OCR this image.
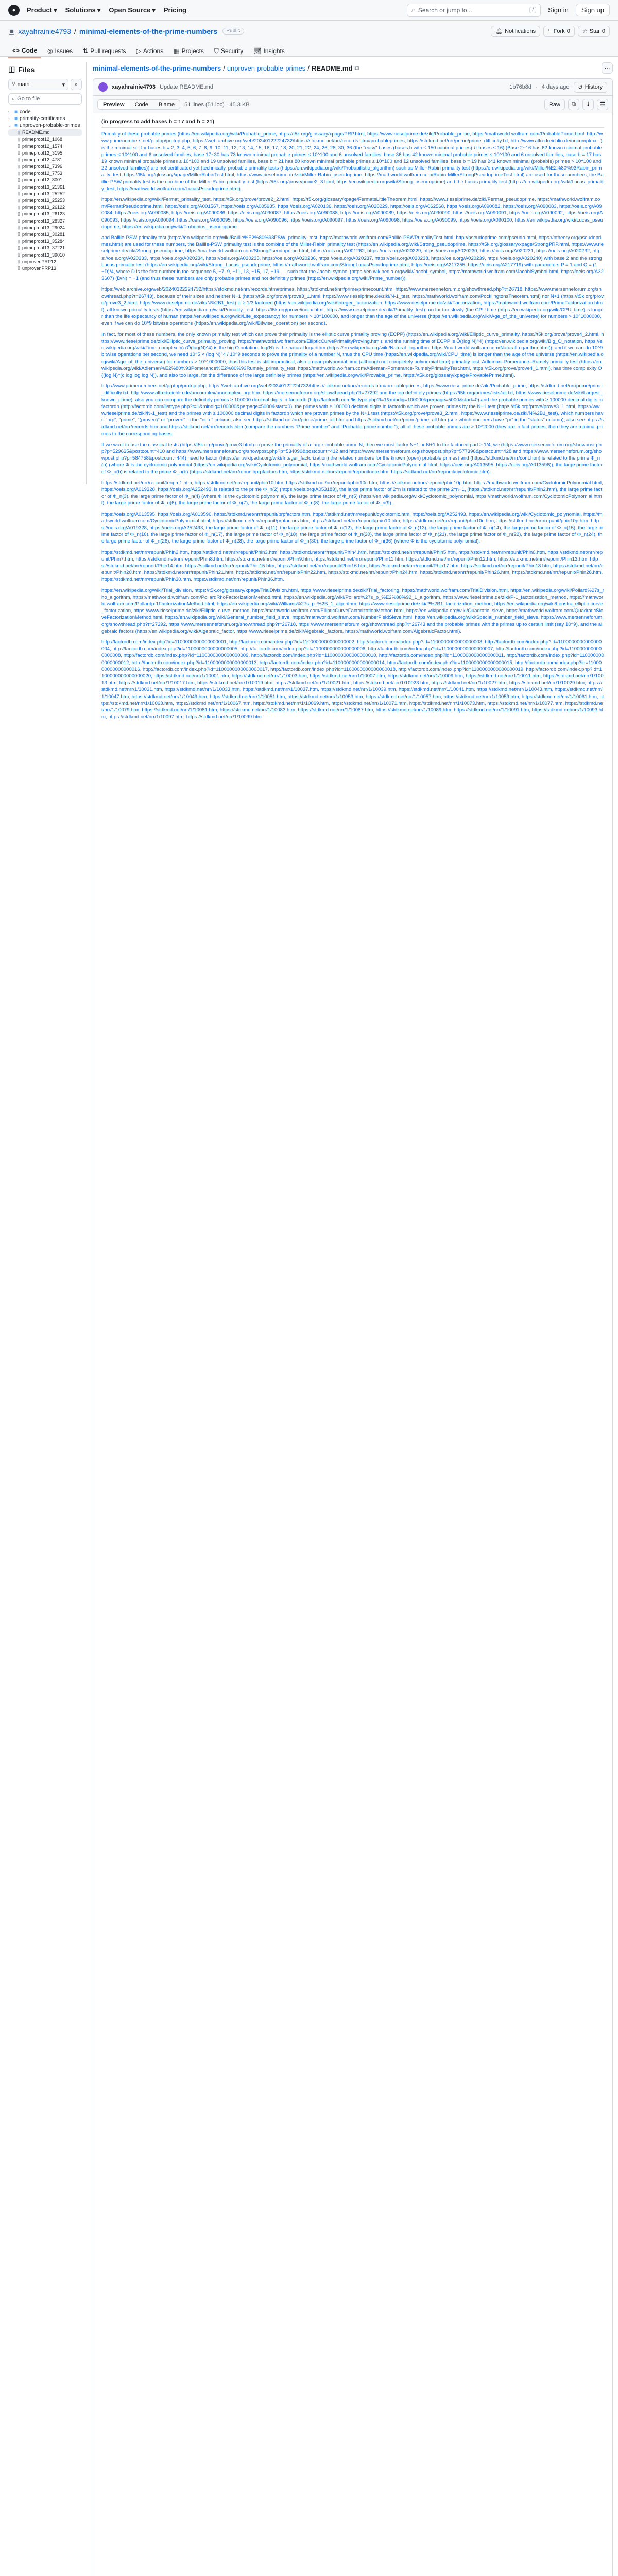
●	Product ▾ Solutions ▾ Open Source ▾ Pricing	⌕ Search or jump to...	/	Sign in	Sign up
▣ xayahrainie4793 / minimal-elements-of-the-prime-numbers	Public	🔔︎ Notifications ⑂ Fork 0 ☆ Star 0
<> Code ◎ Issues ⇅ Pull requests ▷ Actions ▦ Projects ⛉ Security 📈︎ Insights
◫ Files
⑂ main	▾ ⌕
⌕ Go to file
› ■ code
› ■ primality-certificates
⌄ ■ unproven-probable-primes
▯ README.md
▯ primeproof12_1068
▯ primeproof12_1574
▯ primeproof12_3195
▯ primeproof12_4781
▯ primeproof12_7396
▯ primeproof12_7753
▯ primeproof12_8001
▯ primeproof13_21361
▯ primeproof13_25252
▯ primeproof13_25253
▯ primeproof13_26122
▯ primeproof13_26123
▯ primeproof13_28327
▯ primeproof13_29024
▯ primeproof13_30281
▯ primeproof13_35284
▯ primeproof13_37221
▯ primeproof13_39010
▯ unprovenPRP12
▯ unprovenPRP13
minimal-elements-of-the-prime-numbers / unproven-probable-primes / README.md ⧉	⋯
xayahrainie4793 Update README.md	1b76b8d · 4 days ago ↺ History
Preview	Code	Blame	51 lines (51 loc) · 45.3 KB	Raw	⧉ ⭳ ☰
(in progress to add bases b = 17 and b = 21)

Primality of these probable primes (https://en.wikipedia.org/wiki/Probable_prime, https://t5k.org/glossary/xpage/PRP.html, https://www.rieselprime.de/ziki/Probable_prime, https://mathworld.wolfram.com/ProbablePrime.html, http://www.primenumbers.net/prptop/prptop.php, https://web.archive.org/web/20240122224732/https://stdkmd.net/nrr/records.htm#probableprimes, https://stdkmd.net/nrr/prime/prime_difficulty.txt, http://www.alfredreichlin.de/uncomplex/...) is the minimal set for bases b = 2, 3, 4, 5, 6, 7, 8, 9, 10, 11, 12, 13, 14, 15, 16, 17, 18, 20, 21, 22, 24, 26, 28, 30, 36 (the "easy" bases (bases b with ≤ 150 minimal primes) ∪ bases ≤ 16) (Base 2~16 has 62 known minimal probable primes ≤ 10^100 and 6 unsolved families, base 17~30 has 73 known minimal probable primes ≤ 10^100 and 6 unsolved families, base 36 has 42 known minimal probable primes ≤ 10^100 and 6 unsolved families, base b = 17 has 19 known minimal probable primes ≤ 10^100 and 19 unsolved families, base b = 21 has 80 known minimal probable primes ≤ 10^100 and 12 unsolved families, base b = 19 has 241 known minimal (probable) primes > 10^100 and 22 unsolved families)) are not certificated yet (technically, probable primality tests (https://en.wikipedia.org/wiki/Probabilistic_algorithm) such as Miller-Rabin primality test (https://en.wikipedia.org/wiki/Miller%E2%80%93Rabin_primality_test, https://t5k.org/glossary/xpage/MillerRabinTest.html, https://www.rieselprime.de/ziki/Miller-Rabin_pseudoprime, https://mathworld.wolfram.com/Rabin-MillerStrongPseudoprimeTest.html) are used for these numbers, the Baillie-PSW primality test is the combine of the Miller-Rabin primality test (https://t5k.org/prove/prove2_3.html, https://en.wikipedia.org/wiki/Strong_pseudoprime) and the Lucas primality test (https://en.wikipedia.org/wiki/Lucas_primality_test, https://mathworld.wolfram.com/LucasPseudoprime.html).

https://en.wikipedia.org/wiki/Fermat_primality_test, https://t5k.org/prove/prove2_2.html, https://t5k.org/glossary/xpage/FermatsLittleTheorem.html, https://www.rieselprime.de/ziki/Fermat_pseudoprime, https://mathworld.wolfram.com/FermatPseudoprime.html, https://oeis.org/A001567, https://oeis.org/A005935, https://oeis.org/A020136, https://oeis.org/A020229, https://oeis.org/A062568, https://oeis.org/A090082, https://oeis.org/A090083, https://oeis.org/A090084, https://oeis.org/A090085, https://oeis.org/A090086, https://oeis.org/A090087, https://oeis.org/A090088, https://oeis.org/A090089, https://oeis.org/A090090, https://oeis.org/A090091, https://oeis.org/A090092, https://oeis.org/A090093, https://oeis.org/A090094, https://oeis.org/A090095, https://oeis.org/A090096, https://oeis.org/A090097, https://oeis.org/A090098, https://oeis.org/A090099, https://oeis.org/A090100, https://en.wikipedia.org/wiki/Lucas_pseudoprime, https://en.wikipedia.org/wiki/Frobenius_pseudoprime.

and Baillie-PSW primality test (https://en.wikipedia.org/wiki/Baillie%E2%80%93PSW_primality_test, https://mathworld.wolfram.com/Baillie-PSWPrimalityTest.html, http://pseudoprime.com/pseudo.html, https://ntheory.org/pseudoprimes.html) are used for these numbers, the Baillie-PSW primality test is the combine of the Miller-Rabin primality test (https://en.wikipedia.org/wiki/Strong_pseudoprime, https://t5k.org/glossary/xpage/StrongPRP.html, https://www.rieselprime.de/ziki/Strong_pseudoprime, https://mathworld.wolfram.com/StrongPseudoprime.html, https://oeis.org/A001262, https://oeis.org/A020229, https://oeis.org/A020230, https://oeis.org/A020231, https://oeis.org/A020232, https://oeis.org/A020233, https://oeis.org/A020234, https://oeis.org/A020235, https://oeis.org/A020236, https://oeis.org/A020237, https://oeis.org/A020238, https://oeis.org/A020239, https://oeis.org/A020240) with base 2 and the strong Lucas primality test (https://en.wikipedia.org/wiki/Strong_Lucas_pseudoprime, https://mathworld.wolfram.com/StrongLucasPseudoprime.html, https://oeis.org/A217255, https://oeis.org/A217719) with parameters P = 1 and Q = (1−D)/4, where D is the first number in the sequence 5, −7, 9, −11, 13, −15, 17, −19, ... such that the Jacobi symbol (https://en.wikipedia.org/wiki/Jacobi_symbol, https://mathworld.wolfram.com/JacobiSymbol.html, https://oeis.org/A323607) (D/N) = −1 (and thus these numbers are only probable primes and not definitely primes (https://en.wikipedia.org/wiki/Prime_number)).

https://web.archive.org/web/20240122224732/https://stdkmd.net/nrr/records.htm#primes, https://stdkmd.net/nrr/prime/primecount.htm, https://www.mersenneforum.org/showthread.php?t=26718, https://www.mersenneforum.org/showthread.php?t=26743), because of their sizes and neither N−1 (https://t5k.org/prove/prove3_1.html, https://www.rieselprime.de/ziki/N-1_test, https://mathworld.wolfram.com/PocklingtonsTheorem.html) nor N+1 (https://t5k.org/prove/prove3_2.html, https://www.rieselprime.de/ziki/N%2B1_test) is ≥ 1/3 factored (https://en.wikipedia.org/wiki/Integer_factorization, https://www.rieselprime.de/ziki/Factorization, https://mathworld.wolfram.com/PrimeFactorization.html), all known primality tests (https://en.wikipedia.org/wiki/Primality_test, https://t5k.org/prove/index.html, https://www.rieselprime.de/ziki/Primality_test) run far too slowly (the CPU time (https://en.wikipedia.org/wiki/CPU_time) is longer than the life expectancy of human (https://en.wikipedia.org/wiki/Life_expectancy) for numbers > 10^100000, and longer than the age of the universe (https://en.wikipedia.org/wiki/Age_of_the_universe) for numbers > 10^1000000, even if we can do 10^9 bitwise operations (https://en.wikipedia.org/wiki/Bitwise_operation) per second).

In fact, for most of these numbers, the only known primality test which can prove their primality is the elliptic curve primality proving (ECPP) (https://en.wikipedia.org/wiki/Elliptic_curve_primality, https://t5k.org/prove/prove4_2.html, https://www.rieselprime.de/ziki/Elliptic_curve_primality_proving, https://mathworld.wolfram.com/EllipticCurvePrimalityProving.html), and the running time of ECPP is Õ((log N)^4) (https://en.wikipedia.org/wiki/Big_O_notation, https://en.wikipedia.org/wiki/Time_complexity) (Õ(log(N)^4) is the big O notation, log(N) is the natural logarithm (https://en.wikipedia.org/wiki/Natural_logarithm, https://mathworld.wolfram.com/NaturalLogarithm.html)), and if we can do 10^9 bitwise operations per second, we need 10^5 × (log N)^4 / 10^9 seconds to prove the primality of a number N, thus the CPU time (https://en.wikipedia.org/wiki/CPU_time) is longer than the age of the universe (https://en.wikipedia.org/wiki/Age_of_the_universe) for numbers > 10^1000000, thus this test is still impractical, also a near-polynomial time (although not completely polynomial time) primality test, Adleman–Pomerance–Rumely primality test (https://en.wikipedia.org/wiki/Adleman%E2%80%93Pomerance%E2%80%93Rumely_primality_test, https://mathworld.wolfram.com/Adleman-Pomerance-RumelyPrimalityTest.html, https://t5k.org/prove/prove4_1.html), has time complexity O((log N)^(c log log log N)), and also too large, for the difference of the large definitely primes (https://en.wikipedia.org/wiki/Provable_prime, https://t5k.org/glossary/xpage/ProvablePrime.html).

http://www.primenumbers.net/prptop/prptop.php, https://web.archive.org/web/20240122224732/https://stdkmd.net/nrr/records.htm#probableprimes, https://www.rieselprime.de/ziki/Probable_prime, https://stdkmd.net/nrr/prime/prime_difficulty.txt, http://www.alfredreichlin.de/uncomplex/uncomplex_prp.htm, https://mersenneforum.org/showthread.php?t=27292 and the top definitely primes (https://t5k.org/primes/lists/all.txt, https://www.rieselprime.de/ziki/Largest_known_prime), also you can compare the definitely primes ≥ 100000 decimal digits in factordb (http://factordb.com/listtype.php?t=1&mindig=100000&perpage=5000&start=0) and the probable primes with ≥ 100000 decimal digits in factordb (http://factordb.com/listtype.php?t=1&mindig=100000&perpage=5000&start=0), the primes with ≥ 100000 decimal digits in factordb which are proven primes by the N−1 test (https://t5k.org/prove/prove3_1.html, https://www.rieselprime.de/ziki/N-1_test) and the primes with ≥ 100000 decimal digits in factordb which are proven primes by the N+1 test (https://t5k.org/prove/prove3_2.html, https://www.rieselprime.de/ziki/N%2B1_test), which numbers have "prp", "prime", "(proven)" or "proven" in the "note" column, also see https://stdkmd.net/nrr/prime/prime_all.htm and https://stdkmd.net/nrr/prime/prime_all.htm (see which numbers have "pr" in the "status" column), also see https://stdkmd.net/nrr/records.htm and https://stdkmd.net/nrr/records.htm (compare the numbers "Prime number" and "Probable prime number"), all of these probable primes are > 10^2000 (they are in fact primes, then they are minimal primes to the corresponding bases.

If we want to use the classical tests (https://t5k.org/prove/prove3.html) to prove the primality of a large probable prime N, then we must factor N−1 or N+1 to the factored part ≥ 1/4, we (https://www.mersenneforum.org/showpost.php?p=529635&postcount=410 and https://www.mersenneforum.org/showpost.php?p=534090&postcount=412 and https://www.mersenneforum.org/showpost.php?p=577396&postcount=428 and https://www.mersenneforum.org/showpost.php?p=584758&postcount=444) need to factor (https://en.wikipedia.org/wiki/Integer_factorization) the related numbers for the known (open) probable primes) and (https://stdkmd.net/nrr/cont.htm) is related to the prime Φ_n(b) (where Φ is the cyclotomic polynomial (https://en.wikipedia.org/wiki/Cyclotomic_polynomial, https://mathworld.wolfram.com/CyclotomicPolynomial.html, https://oeis.org/A013595, https://oeis.org/A013596)), the large prime factor of Φ_n(b) is related to the prime Φ_n(b) (https://stdkmd.net/nrr/repunit/prpfactors.htm, https://stdkmd.net/nrr/repunit/repunitnote.htm, https://stdkmd.net/nrr/repunit/cyclotomic.htm).

https://stdkmd.net/nrr/repunit/tenpm1.htm, https://stdkmd.net/nrr/repunit/phin10.htm, https://stdkmd.net/nrr/repunit/phin10c.htm, https://stdkmd.net/nrr/repunit/phin10p.htm, https://mathworld.wolfram.com/CyclotomicPolynomial.html, https://oeis.org/A019328, https://oeis.org/A252493, is related to the prime Φ_n(2) (https://oeis.org/A053183), the large prime factor of 2^n is related to the prime 2^n−1, (https://stdkmd.net/nrr/repunit/Phin2.htm), the large prime factor of Φ_n(3), the large prime factor of Φ_n(4) (where Φ is the cyclotomic polynomial), the large prime factor of Φ_n(5) (https://en.wikipedia.org/wiki/Cyclotomic_polynomial, https://mathworld.wolfram.com/CyclotomicPolynomial.html), the large prime factor of Φ_n(6), the large prime factor of Φ_n(7), the large prime factor of Φ_n(8), the large prime factor of Φ_n(9).

https://oeis.org/A013595, https://oeis.org/A013596, https://stdkmd.net/nrr/repunit/prpfactors.htm, https://stdkmd.net/nrr/repunit/cyclotomic.htm, https://oeis.org/A252493, https://en.wikipedia.org/wiki/Cyclotomic_polynomial, https://mathworld.wolfram.com/CyclotomicPolynomial.html, https://stdkmd.net/nrr/repunit/prpfactors.htm, https://stdkmd.net/nrr/repunit/phin10.htm, https://stdkmd.net/nrr/repunit/phin10c.htm, https://stdkmd.net/nrr/repunit/phin10p.htm, https://oeis.org/A019328, https://oeis.org/A252493, the large prime factor of Φ_n(11), the large prime factor of Φ_n(12), the large prime factor of Φ_n(13), the large prime factor of Φ_n(14), the large prime factor of Φ_n(15), the large prime factor of Φ_n(16), the large prime factor of Φ_n(17), the large prime factor of Φ_n(18), the large prime factor of Φ_n(20), the large prime factor of Φ_n(21), the large prime factor of Φ_n(22), the large prime factor of Φ_n(24), the large prime factor of Φ_n(26), the large prime factor of Φ_n(28), the large prime factor of Φ_n(30), the large prime factor of Φ_n(36) (where Φ is the cyclotomic polynomial).

https://stdkmd.net/nrr/repunit/Phin2.htm, https://stdkmd.net/nrr/repunit/Phin3.htm, https://stdkmd.net/nrr/repunit/Phin4.htm, https://stdkmd.net/nrr/repunit/Phin5.htm, https://stdkmd.net/nrr/repunit/Phin6.htm, https://stdkmd.net/nrr/repunit/Phin7.htm, https://stdkmd.net/nrr/repunit/Phin8.htm, https://stdkmd.net/nrr/repunit/Phin9.htm, https://stdkmd.net/nrr/repunit/Phin11.htm, https://stdkmd.net/nrr/repunit/Phin12.htm, https://stdkmd.net/nrr/repunit/Phin13.htm, https://stdkmd.net/nrr/repunit/Phin14.htm, https://stdkmd.net/nrr/repunit/Phin15.htm, https://stdkmd.net/nrr/repunit/Phin16.htm, https://stdkmd.net/nrr/repunit/Phin17.htm, https://stdkmd.net/nrr/repunit/Phin18.htm, https://stdkmd.net/nrr/repunit/Phin20.htm, https://stdkmd.net/nrr/repunit/Phin21.htm, https://stdkmd.net/nrr/repunit/Phin22.htm, https://stdkmd.net/nrr/repunit/Phin24.htm, https://stdkmd.net/nrr/repunit/Phin26.htm, https://stdkmd.net/nrr/repunit/Phin28.htm, https://stdkmd.net/nrr/repunit/Phin30.htm, https://stdkmd.net/nrr/repunit/Phin36.htm.

https://en.wikipedia.org/wiki/Trial_division, https://t5k.org/glossary/xpage/TrialDivision.html, https://www.rieselprime.de/ziki/Trial_factoring, https://mathworld.wolfram.com/TrialDivision.html, https://en.wikipedia.org/wiki/Pollard%27s_rho_algorithm, https://mathworld.wolfram.com/PollardRhoFactorizationMethod.html, https://en.wikipedia.org/wiki/Pollard%27s_p_%E2%88%92_1_algorithm, https://www.rieselprime.de/ziki/P-1_factorization_method, https://mathworld.wolfram.com/Pollardp-1FactorizationMethod.html, https://en.wikipedia.org/wiki/Williams%27s_p_%2B_1_algorithm, https://www.rieselprime.de/ziki/P%2B1_factorization_method, https://en.wikipedia.org/wiki/Lenstra_elliptic-curve_factorization, https://www.rieselprime.de/ziki/Elliptic_curve_method, https://mathworld.wolfram.com/EllipticCurveFactorizationMethod.html, https://en.wikipedia.org/wiki/Quadratic_sieve, https://mathworld.wolfram.com/QuadraticSieveFactorizationMethod.html, https://en.wikipedia.org/wiki/General_number_field_sieve, https://mathworld.wolfram.com/NumberFieldSieve.html, https://en.wikipedia.org/wiki/Special_number_field_sieve, https://www.mersenneforum.org/showthread.php?t=27292, https://www.mersenneforum.org/showthread.php?t=26718, https://www.mersenneforum.org/showthread.php?t=26743 and the probable primes with the primes up to certain limit (say 10^9), and the algebraic factors (https://en.wikipedia.org/wiki/Algebraic_factor, https://www.rieselprime.de/ziki/Algebraic_factors, https://mathworld.wolfram.com/AlgebraicFactor.html).

http://factordb.com/index.php?id=1100000000000000001, http://factordb.com/index.php?id=1100000000000000002, http://factordb.com/index.php?id=1100000000000000003, http://factordb.com/index.php?id=1100000000000000004, http://factordb.com/index.php?id=1100000000000000005, http://factordb.com/index.php?id=1100000000000000006, http://factordb.com/index.php?id=1100000000000000007, http://factordb.com/index.php?id=1100000000000000008, http://factordb.com/index.php?id=1100000000000000009, http://factordb.com/index.php?id=1100000000000000010, http://factordb.com/index.php?id=1100000000000000011, http://factordb.com/index.php?id=1100000000000000012, http://factordb.com/index.php?id=1100000000000000013, http://factordb.com/index.php?id=1100000000000000014, http://factordb.com/index.php?id=1100000000000000015, http://factordb.com/index.php?id=1100000000000000016, http://factordb.com/index.php?id=1100000000000000017, http://factordb.com/index.php?id=1100000000000000018, http://factordb.com/index.php?id=1100000000000000019, http://factordb.com/index.php?id=1100000000000000020, https://stdkmd.net/nrr/1/10001.htm, https://stdkmd.net/nrr/1/10003.htm, https://stdkmd.net/nrr/1/10007.htm, https://stdkmd.net/nrr/1/10009.htm, https://stdkmd.net/nrr/1/10011.htm, https://stdkmd.net/nrr/1/10013.htm, https://stdkmd.net/nrr/1/10017.htm, https://stdkmd.net/nrr/1/10019.htm, https://stdkmd.net/nrr/1/10021.htm, https://stdkmd.net/nrr/1/10023.htm, https://stdkmd.net/nrr/1/10027.htm, https://stdkmd.net/nrr/1/10029.htm, https://stdkmd.net/nrr/1/10031.htm, https://stdkmd.net/nrr/1/10033.htm, https://stdkmd.net/nrr/1/10037.htm, https://stdkmd.net/nrr/1/10039.htm, https://stdkmd.net/nrr/1/10041.htm, https://stdkmd.net/nrr/1/10043.htm, https://stdkmd.net/nrr/1/10047.htm, https://stdkmd.net/nrr/1/10049.htm, https://stdkmd.net/nrr/1/10051.htm, https://stdkmd.net/nrr/1/10053.htm, https://stdkmd.net/nrr/1/10057.htm, https://stdkmd.net/nrr/1/10059.htm, https://stdkmd.net/nrr/1/10061.htm, https://stdkmd.net/nrr/1/10063.htm, https://stdkmd.net/nrr/1/10067.htm, https://stdkmd.net/nrr/1/10069.htm, https://stdkmd.net/nrr/1/10071.htm, https://stdkmd.net/nrr/1/10073.htm, https://stdkmd.net/nrr/1/10077.htm, https://stdkmd.net/nrr/1/10079.htm, https://stdkmd.net/nrr/1/10081.htm, https://stdkmd.net/nrr/1/10083.htm, https://stdkmd.net/nrr/1/10087.htm, https://stdkmd.net/nrr/1/10089.htm, https://stdkmd.net/nrr/1/10091.htm, https://stdkmd.net/nrr/1/10093.htm, https://stdkmd.net/nrr/1/10097.htm, https://stdkmd.net/nrr/1/10099.htm.
